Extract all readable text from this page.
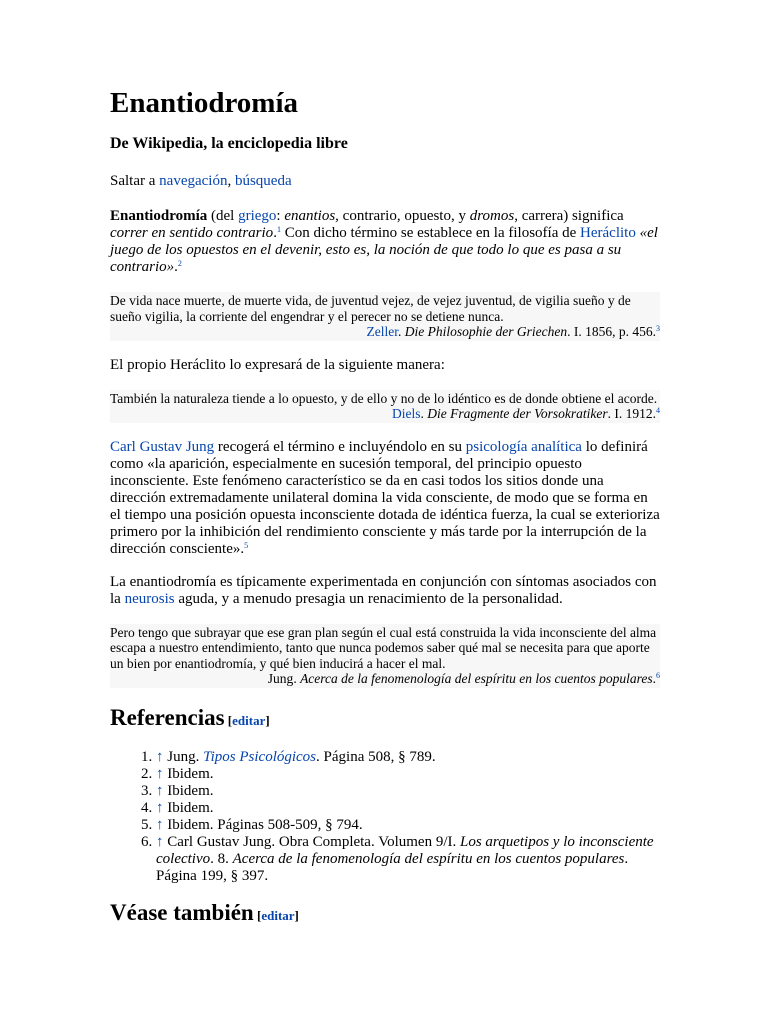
Enantiodromía
De Wikipedia, la enciclopedia libre
Saltar a navegación, búsqueda

Enantiodromía (del griego: enantios, contrario, opuesto, y dromos, carrera) significa correr en sentido contrario.$^1$ Con dicho término se establece en la filosofía de Heráclito «el juego de los opuestos en el devenir, esto es, la noción de que todo lo que es pasa a su contrario».$^2$

De vida nace muerte, de muerte vida, de juventud vejez, de vejez juventud, de vigilia sueño y de sueño vigilia, la corriente del engendrar y el perecer no se detiene nunca.
Zeller. Die Philosophie der Griechen. I. 1856, p. 456.$^3$

El propio Heráclito lo expresará de la siguiente manera:

También la naturaleza tiende a lo opuesto, y de ello y no de lo idéntico es de donde obtiene el acorde.
Diels. Die Fragmente der Vorsokratiker. I. 1912.$^4$

Carl Gustav Jung recogerá el término e incluyéndolo en su psicología analítica lo definirá como «la aparición, especialmente en sucesión temporal, del principio opuesto inconsciente. Este fenómeno característico se da en casi todos los sitios donde una dirección extremadamente unilateral domina la vida consciente, de modo que se forma en el tiempo una posición opuesta inconsciente dotada de idéntica fuerza, la cual se exterioriza primero por la inhibición del rendimiento consciente y más tarde por la interrupción de la dirección consciente».$^5$

La enantiodromía es típicamente experimentada en conjunción con síntomas asociados con la neurosis aguda, y a menudo presagia un renacimiento de la personalidad.

Pero tengo que subrayar que ese gran plan según el cual está construida la vida inconsciente del alma escapa a nuestro entendimiento, tanto que nunca podemos saber qué mal se necesita para que aporte un bien por enantiodromía, y qué bien inducirá a hacer el mal.
Jung. Acerca de la fenomenología del espíritu en los cuentos populares.$^6$
Referencias [editar]
1. ↑ Jung. Tipos Psicológicos. Página 508, § 789.
2. ↑ Ibidem.
3. ↑ Ibidem.
4. ↑ Ibidem.
5. ↑ Ibidem. Páginas 508-509, § 794.
6. ↑ Carl Gustav Jung. Obra Completa. Volumen 9/I. Los arquetipos y lo inconsciente colectivo. 8. Acerca de la fenomenología del espíritu en los cuentos populares. Página 199, § 397.
Véase también [editar]
